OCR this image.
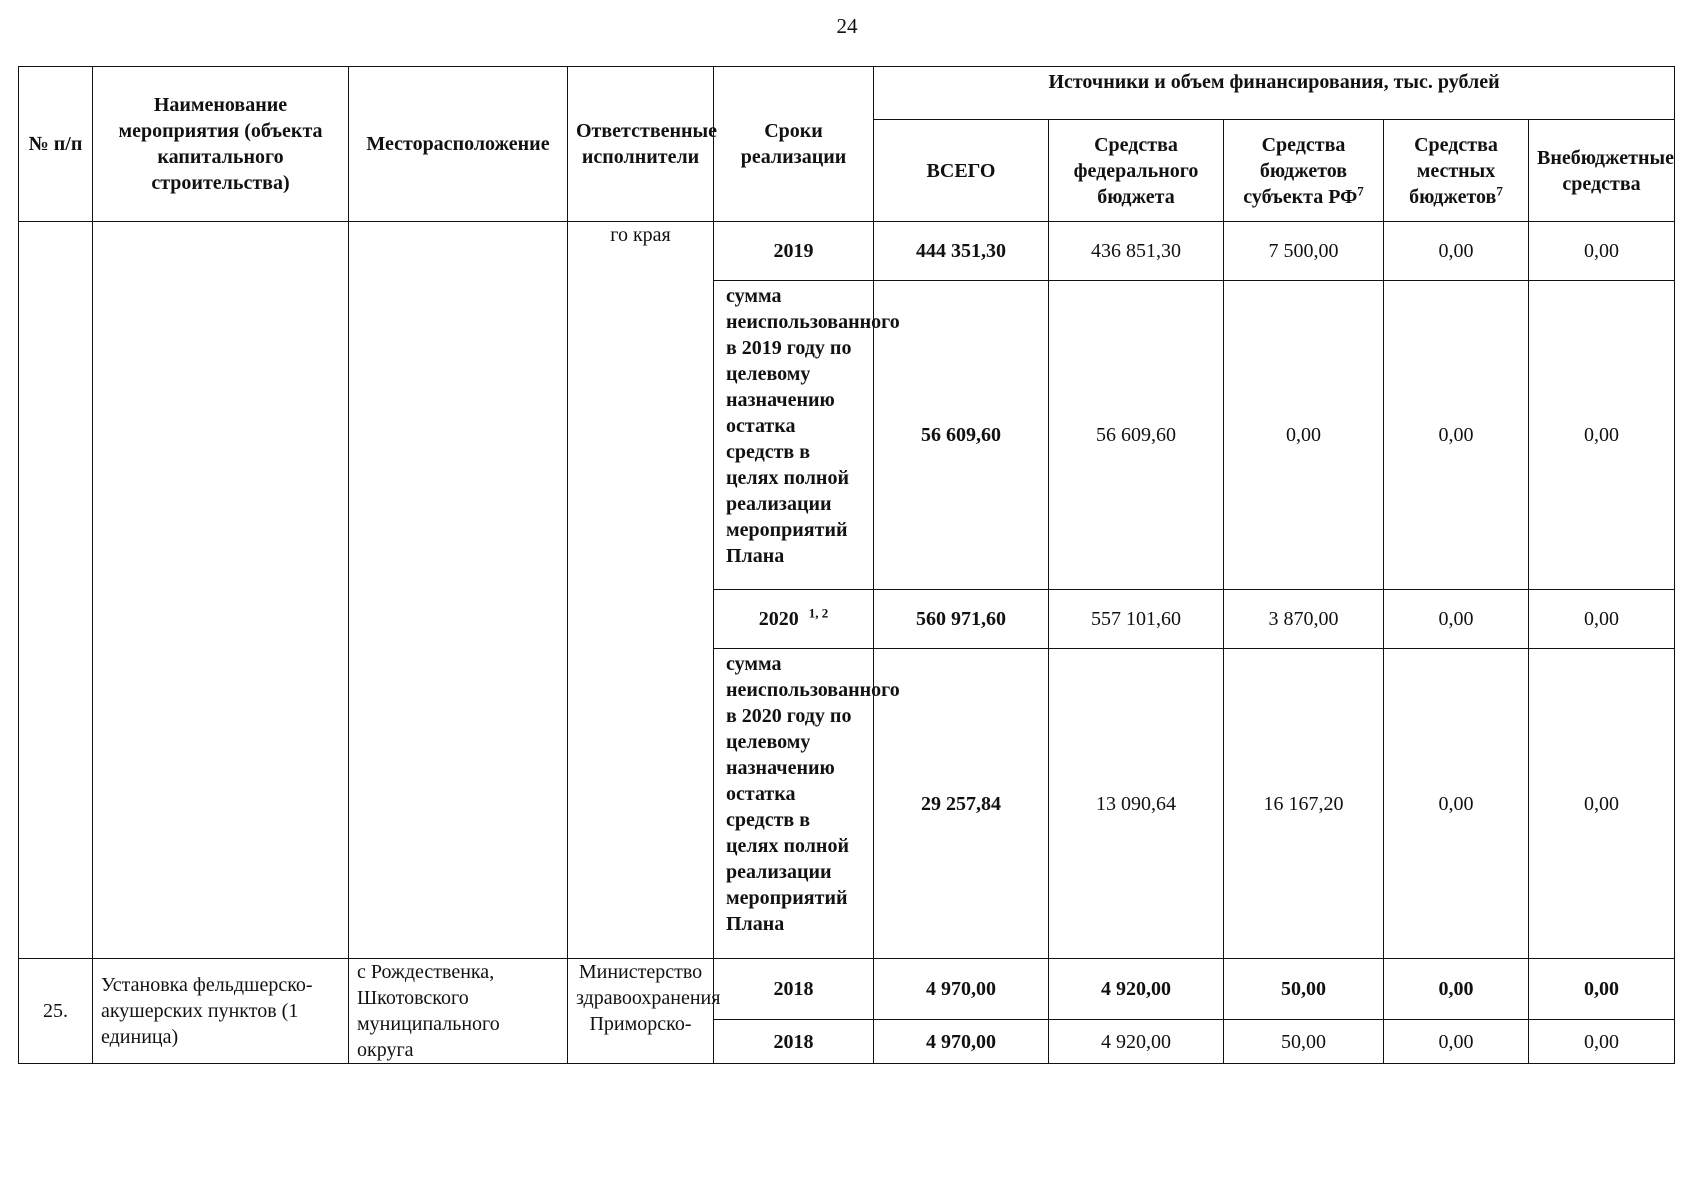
24
№ п/п	Наименование мероприятия (объекта капитального строительства)	Месторасположение	Ответственные исполнители	Сроки реализации	Источники и объем финансирования, тыс. рублей				
					ВСЕГО	Средства федерального бюджета	Средства бюджетов субъекта $РФ^7$	Средства местных бюджетов$^7$	Внебюджетные средства
			го края	2019	444 351,30	436 851,30	7 500,00	0,00	0,00
				сумма неиспользованного в 2019 году по целевому назначению остатка средств в целях полной реализации мероприятий Плана	56 609,60	56 609,60	0,00	0,00	0,00
				2020 $^{1, 2}$	560 971,60	557 101,60	3 870,00	0,00	0,00
				сумма неиспользованного в 2020 году по целевому назначению остатка средств в целях полной реализации мероприятий Плана	29 257,84	13 090,64	16 167,20	0,00	0,00
25.	Установка фельдшерско-акушерских пунктов (1 единица)	с Рождественка, Шкотовского муниципального округа	Министерство здравоохранения Приморско-	2018	4 970,00	4 920,00	50,00	0,00	0,00
				2018	4 970,00	4 920,00	50,00	0,00	0,00
